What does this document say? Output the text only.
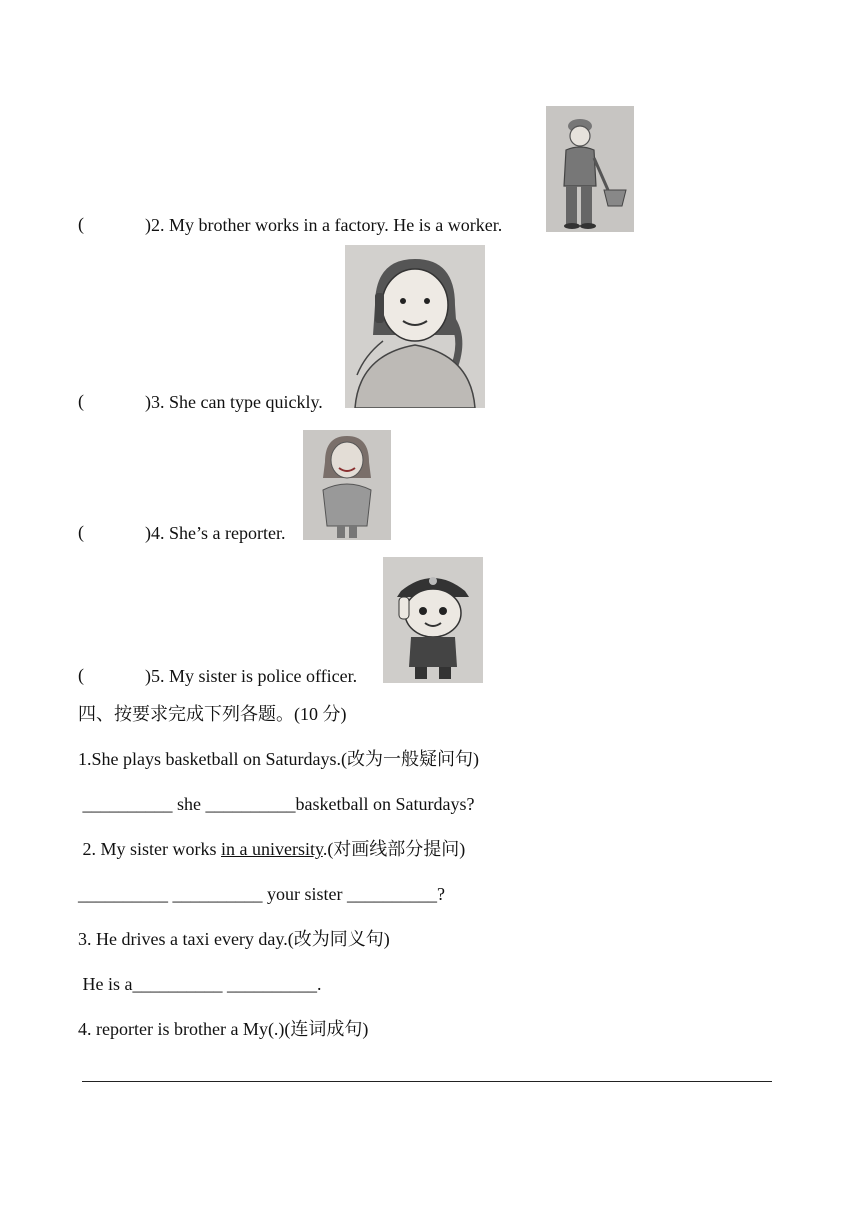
(	)2. My brother works in a factory. He is a worker.
(	)3. She can type quickly.
(	)4. She’s a reporter.
(	)5. My sister is police officer.
四、按要求完成下列各题。(10 分)
1.She plays basketball on Saturdays.(改为一般疑问句)
__________ she __________basketball on Saturdays?
2. My sister works in a university.(对画线部分提问)
__________ __________ your sister __________?
3. He drives a taxi every day.(改为同义句)
He is a__________ __________.
4. reporter is brother a My(.)(连词成句)
